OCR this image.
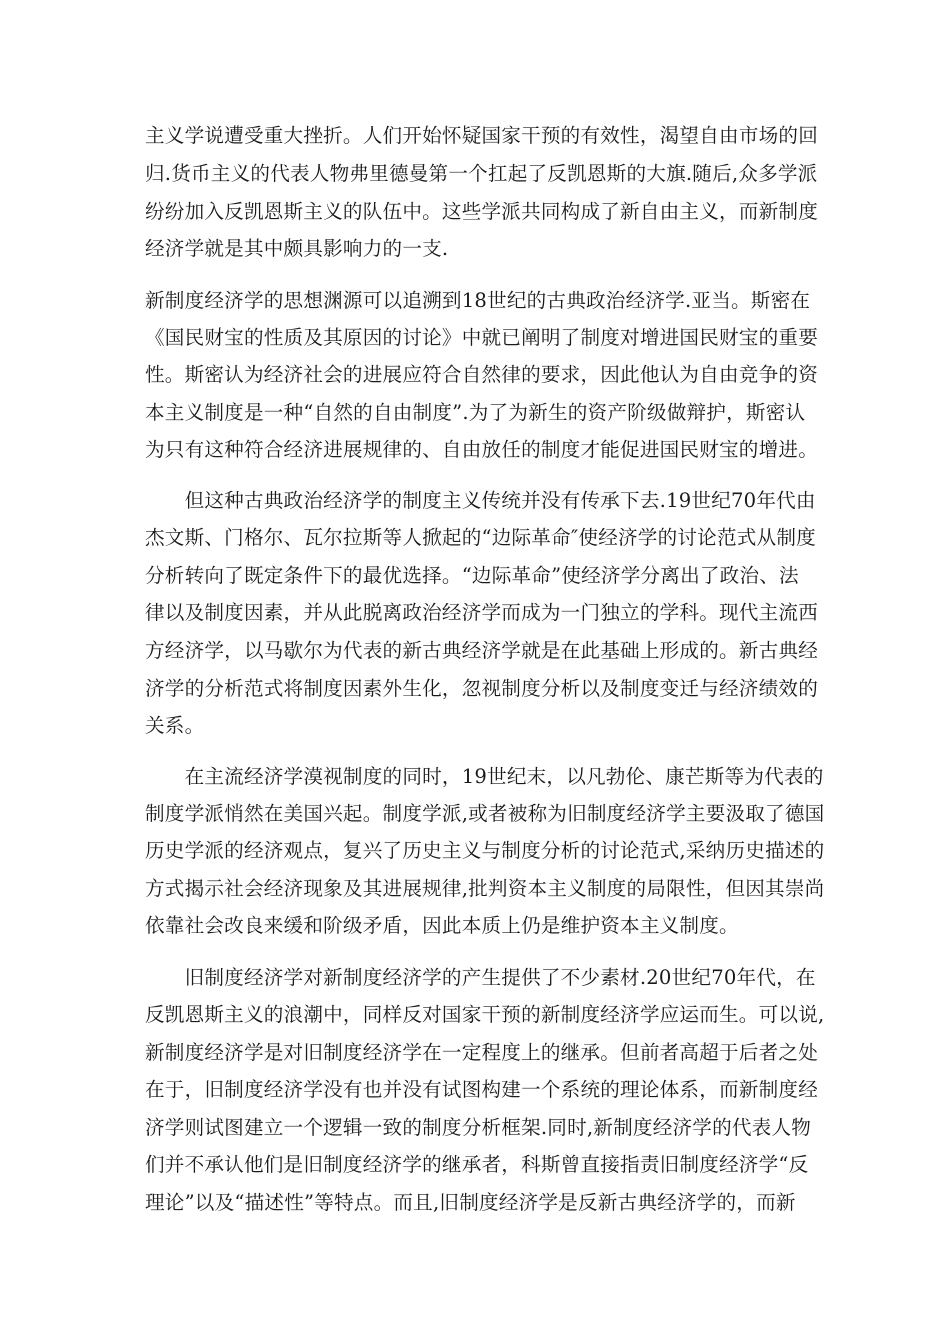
主义学说遭受重大挫折。人们开始怀疑国家干预的有效性，渴望自由市场的回
归.货币主义的代表人物弗里德曼第一个扛起了反凯恩斯的大旗.随后,众多学派
纷纷加入反凯恩斯主义的队伍中。这些学派共同构成了新自由主义，而新制度
经济学就是其中颇具影响力的一支.
新制度经济学的思想渊源可以追溯到18世纪的古典政治经济学.亚当。斯密在
《国民财宝的性质及其原因的讨论》中就已阐明了制度对增进国民财宝的重要
性。斯密认为经济社会的进展应符合自然律的要求，因此他认为自由竞争的资
本主义制度是一种“自然的自由制度”.为了为新生的资产阶级做辩护，斯密认
为只有这种符合经济进展规律的、自由放任的制度才能促进国民财宝的增进。
　　但这种古典政治经济学的制度主义传统并没有传承下去.19世纪70年代由
杰文斯、门格尔、瓦尔拉斯等人掀起的“边际革命″使经济学的讨论范式从制度
分析转向了既定条件下的最优选择。“边际革命”使经济学分离出了政治、法
律以及制度因素，并从此脱离政治经济学而成为一门独立的学科。现代主流西
方经济学，以马歇尔为代表的新古典经济学就是在此基础上形成的。新古典经
济学的分析范式将制度因素外生化，忽视制度分析以及制度变迁与经济绩效的
关系。
　　在主流经济学漠视制度的同时，19世纪末，以凡勃伦、康芒斯等为代表的
制度学派悄然在美国兴起。制度学派,或者被称为旧制度经济学主要汲取了德国
历史学派的经济观点，复兴了历史主义与制度分析的讨论范式,采纳历史描述的
方式揭示社会经济现象及其进展规律,批判资本主义制度的局限性，但因其崇尚
依靠社会改良来缓和阶级矛盾，因此本质上仍是维护资本主义制度。
　　旧制度经济学对新制度经济学的产生提供了不少素材.20世纪70年代，在
反凯恩斯主义的浪潮中，同样反对国家干预的新制度经济学应运而生。可以说,
新制度经济学是对旧制度经济学在一定程度上的继承。但前者高超于后者之处
在于，旧制度经济学没有也并没有试图构建一个系统的理论体系，而新制度经
济学则试图建立一个逻辑一致的制度分析框架.同时,新制度经济学的代表人物
们并不承认他们是旧制度经济学的继承者，科斯曾直接指责旧制度经济学“反
理论”以及“描述性”等特点。而且,旧制度经济学是反新古典经济学的，而新
